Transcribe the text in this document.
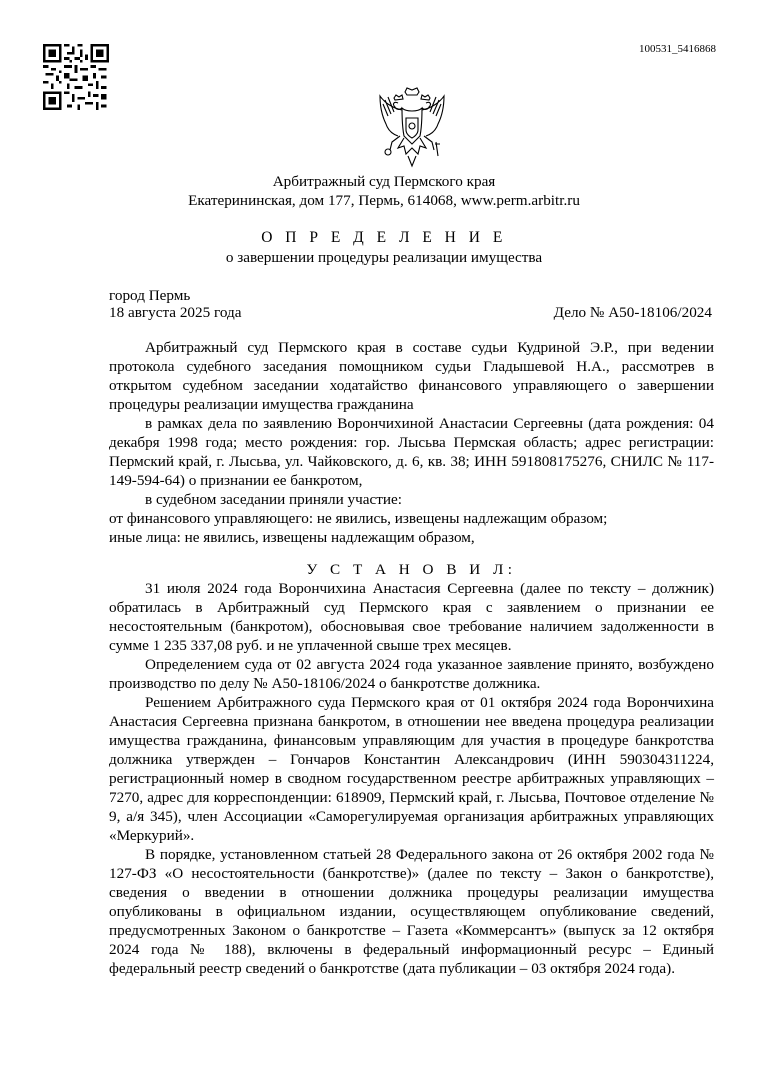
100531_5416868
Арбитражный суд Пермского края
Екатерининская, дом 177, Пермь, 614068, www.perm.arbitr.ru
О П Р Е Д Е Л Е Н И Е
о завершении процедуры реализации имущества
город Пермь
18 августа 2025 года	Дело № А50-18106/2024

Арбитражный суд Пермского края в составе судьи Кудриной Э.Р., при ведении протокола судебного заседания помощником судьи Гладышевой Н.А., рассмотрев в открытом судебном заседании ходатайство финансового управляющего о завершении процедуры реализации имущества гражданина

в рамках дела по заявлению Ворончихиной Анастасии Сергеевны (дата рождения: 04 декабря 1998 года; место рождения: гор. Лысьва Пермская область; адрес регистрации: Пермский край, г. Лысьва, ул. Чайковского, д. 6, кв. 38; ИНН 591808175276, СНИЛС № 117-149-594-64) о признании ее банкротом,

в судебном заседании приняли участие:

от финансового управляющего: не явились, извещены надлежащим образом;

иные лица: не явились, извещены надлежащим образом,

У С Т А Н О В И Л:

31 июля 2024 года Ворончихина Анастасия Сергеевна (далее по тексту – должник) обратилась в Арбитражный суд Пермского края с заявлением о признании ее несостоятельным (банкротом), обосновывая свое требование наличием задолженности в сумме 1 235 337,08 руб. и не уплаченной свыше трех месяцев.

Определением суда от 02 августа 2024 года указанное заявление принято, возбуждено производство по делу № А50-18106/2024 о банкротстве должника.

Решением Арбитражного суда Пермского края от 01 октября 2024 года Ворончихина Анастасия Сергеевна признана банкротом, в отношении нее введена процедура реализации имущества гражданина, финансовым управляющим для участия в процедуре банкротства должника утвержден – Гончаров Константин Александрович (ИНН 590304311224, регистрационный номер в сводном государственном реестре арбитражных управляющих – 7270, адрес для корреспонденции: 618909, Пермский край, г. Лысьва, Почтовое отделение № 9, а/я 345), член Ассоциации «Саморегулируемая организация арбитражных управляющих «Меркурий».

В порядке, установленном статьей 28 Федерального закона от 26 октября 2002 года № 127-ФЗ «О несостоятельности (банкротстве)» (далее по тексту – Закон о банкротстве), сведения о введении в отношении должника процедуры реализации имущества опубликованы в официальном издании, осуществляющем опубликование сведений, предусмотренных Законом о банкротстве – Газета «Коммерсантъ» (выпуск за 12 октября 2024 года № 188), включены в федеральный информационный ресурс – Единый федеральный реестр сведений о банкротстве (дата публикации – 03 октября 2024 года).
